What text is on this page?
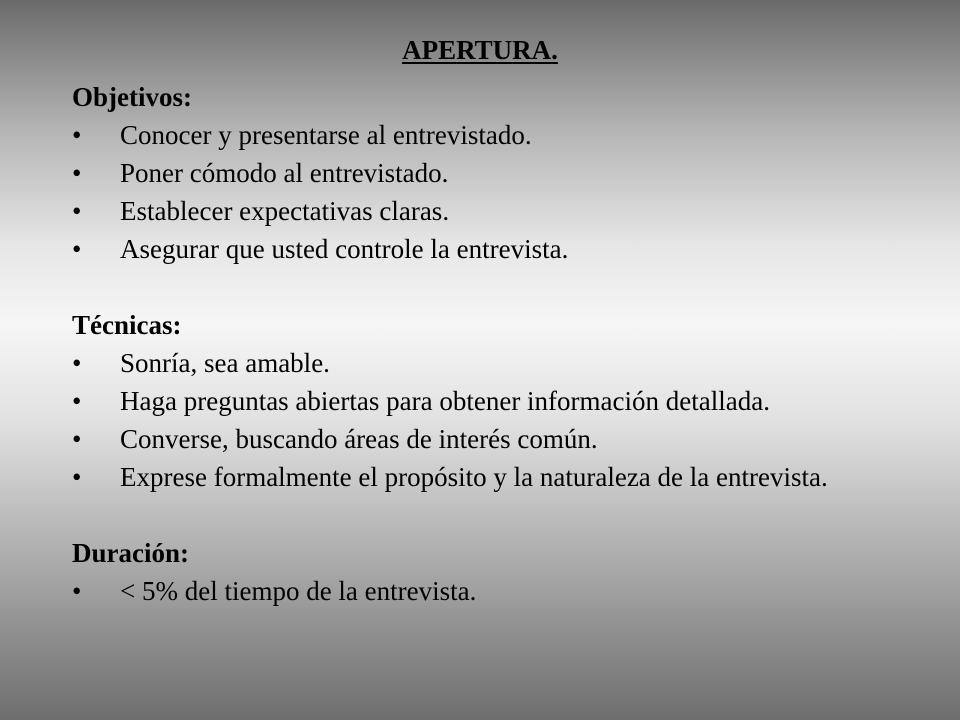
APERTURA.
Objetivos:
• Conocer y presentarse al entrevistado.
• Poner cómodo al entrevistado.
• Establecer expectativas claras.
• Asegurar que usted controle la entrevista.
Técnicas:
• Sonría, sea amable.
• Haga preguntas abiertas para obtener información detallada.
• Converse, buscando áreas de interés común.
• Exprese formalmente el propósito y la naturaleza de la entrevista.
Duración:
• < 5% del tiempo de la entrevista.
